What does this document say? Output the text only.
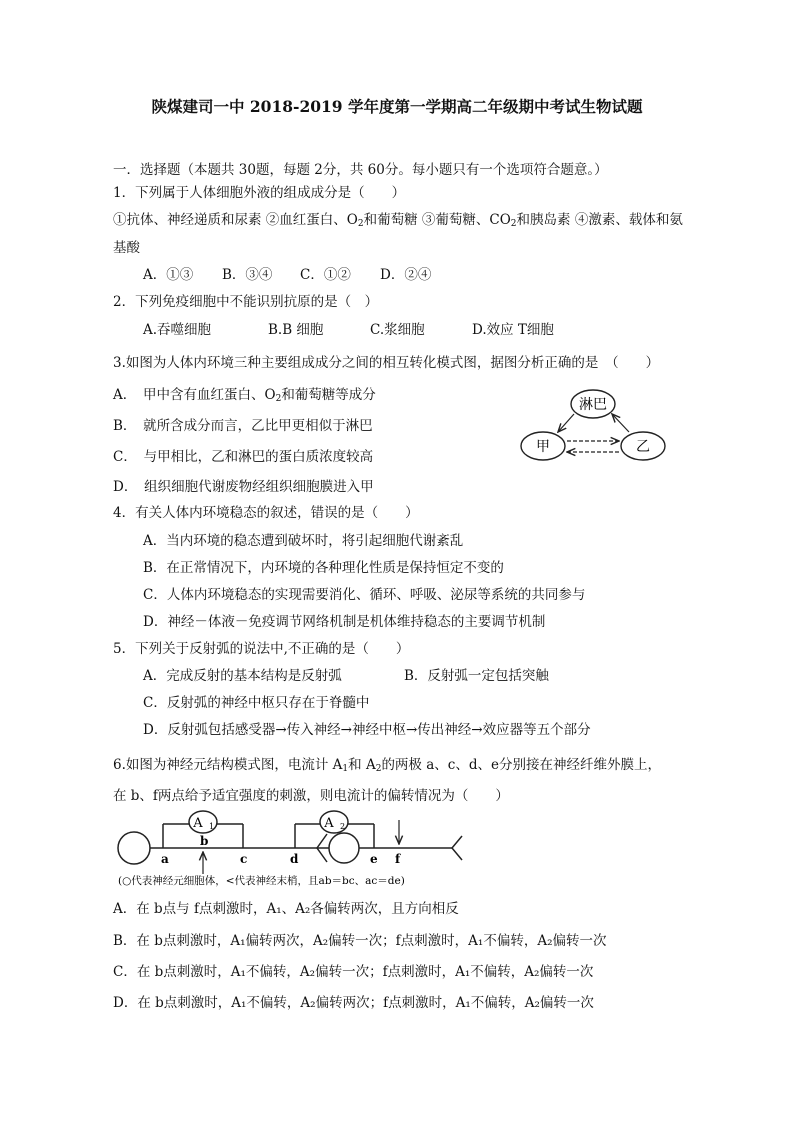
陕煤建司一中 2018-2019 学年度第一学期高二年级期中考试生物试题
一．选择题（本题共 30题，每题 2分，共 60分。每小题只有一个选项符合题意。）
1．下列属于人体细胞外液的组成成分是（　　）
①抗体、神经递质和尿素 ②血红蛋白、$O_2$和葡萄糖 ③葡萄糖、$CO_2$和胰岛素 ④激素、载体和氨
基酸
A．①③ B．③④ C．①② D．②④
2．下列免疫细胞中不能识别抗原的是（　）
A.吞噬细胞	B.B 细胞	C.浆细胞	D.效应 T细胞
3.如图为人体内环境三种主要组成成分之间的相互转化模式图，据图分析正确的是　（　　）
A．　甲中含有血红蛋白、$O_2$和葡萄糖等成分
B．　就所含成分而言，乙比甲更相似于淋巴
C．　与甲相比，乙和淋巴的蛋白质浓度较高
D．　组织细胞代谢废物经组织细胞膜进入甲
淋巴
甲	乙
4．有关人体内环境稳态的叙述，错误的是（　　）
A．当内环境的稳态遭到破坏时，将引起细胞代谢紊乱
B．在正常情况下，内环境的各种理化性质是保持恒定不变的
C．人体内环境稳态的实现需要消化、循环、呼吸、泌尿等系统的共同参与
D．神经－体液－免疫调节网络机制是机体维持稳态的主要调节机制
5．下列关于反射弧的说法中,不正确的是（　　）
A．完成反射的基本结构是反射弧	B．反射弧一定包括突触
C．反射弧的神经中枢只存在于脊髓中
D．反射弧包括感受器→传入神经→神经中枢→传出神经→效应器等五个部分
6.如图为神经元结构模式图，电流计 $A_1$和 $A_2$的两极 a、c、d、e分别接在神经纤维外膜上，
在 b、f两点给予适宜强度的刺激，则电流计的偏转情况为（　　）
A 1	A 2
a
b
c	d	e f
(○代表神经元细胞体，<代表神经末梢，且ab＝bc、ac＝de)
A．在 b点与 f点刺激时，A₁、A₂各偏转两次，且方向相反
B．在 b点刺激时，A₁偏转两次，A₂偏转一次；f点刺激时，A₁不偏转，A₂偏转一次
C．在 b点刺激时，A₁不偏转，A₂偏转一次；f点刺激时，A₁不偏转，A₂偏转一次
D．在 b点刺激时，A₁不偏转，A₂偏转两次；f点刺激时，A₁不偏转，A₂偏转一次
